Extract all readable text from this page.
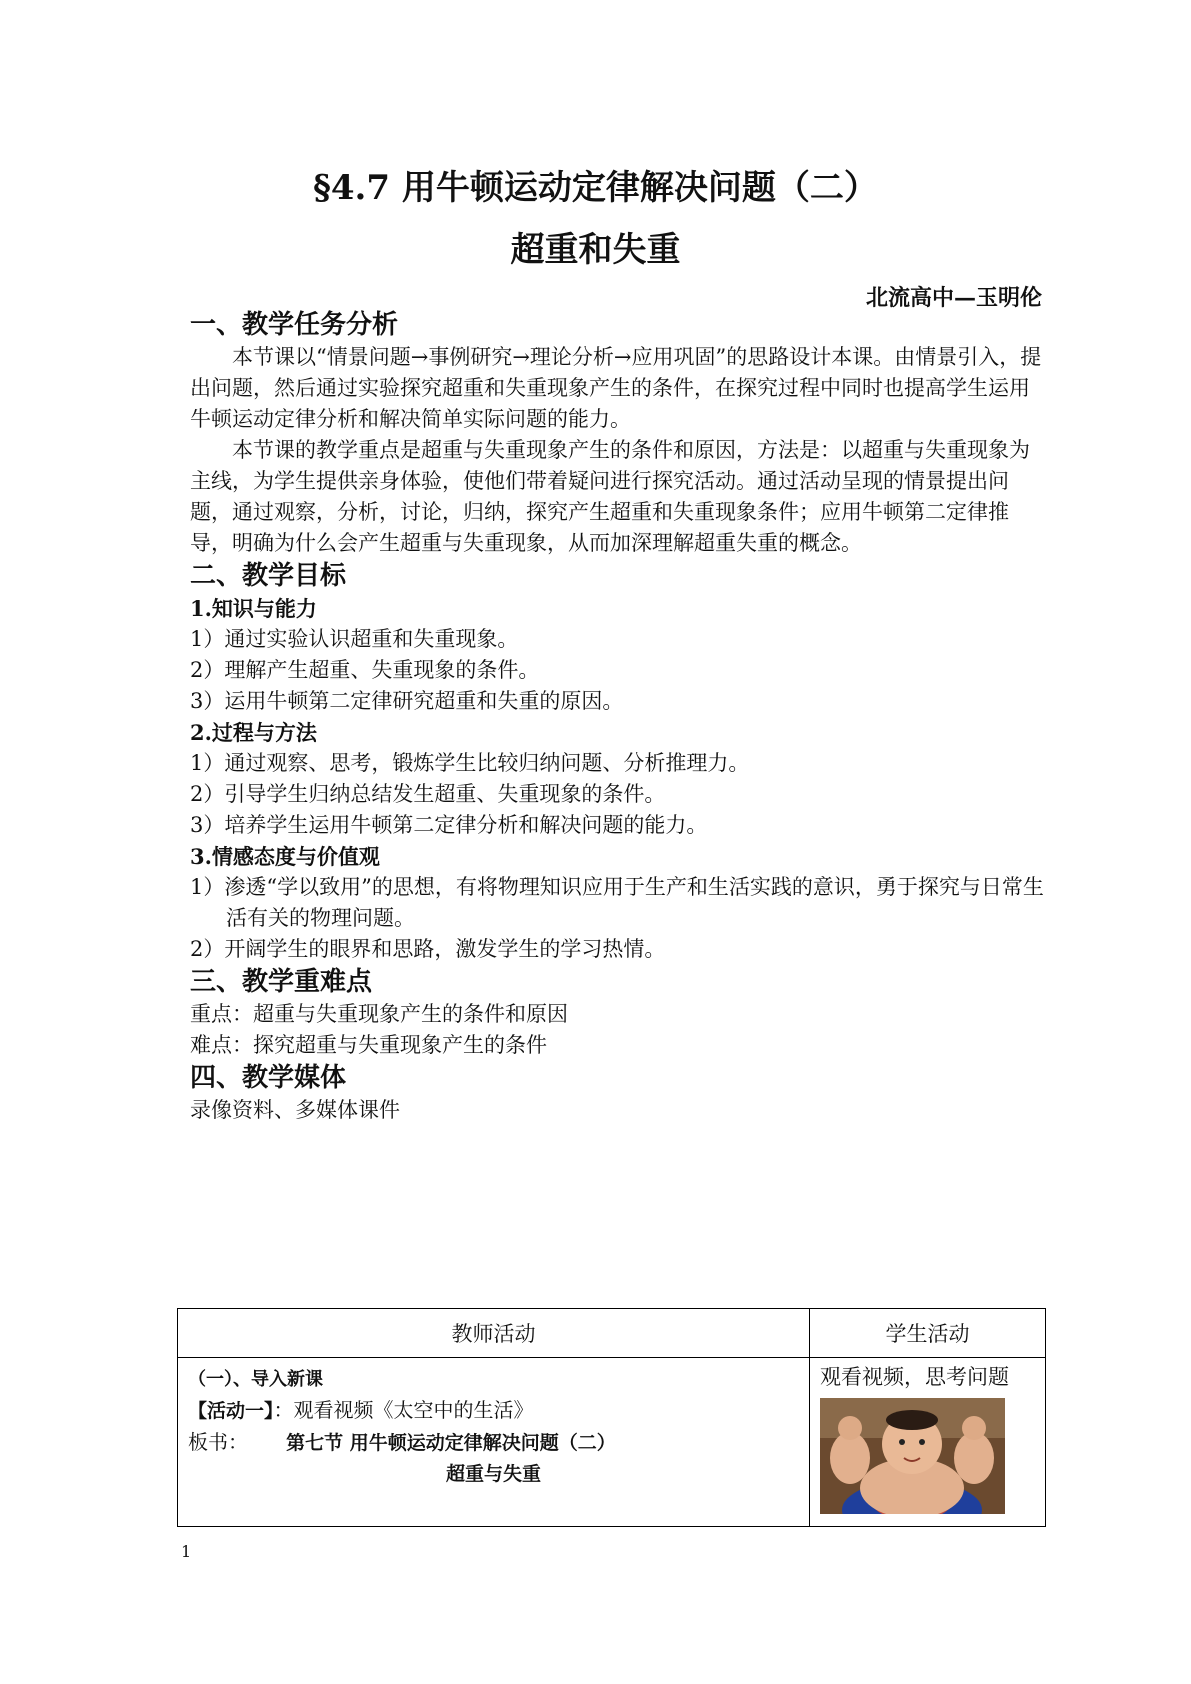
§4.7 用牛顿运动定律解决问题（二）
超重和失重
北流高中—玉明伦
一、教学任务分析

本节课以“情景问题→事例研究→理论分析→应用巩固”的思路设计本课。由情景引入，提出问题，然后通过实验探究超重和失重现象产生的条件，在探究过程中同时也提高学生运用牛顿运动定律分析和解决简单实际问题的能力。

本节课的教学重点是超重与失重现象产生的条件和原因，方法是：以超重与失重现象为主线，为学生提供亲身体验，使他们带着疑问进行探究活动。通过活动呈现的情景提出问题，通过观察，分析，讨论，归纳，探究产生超重和失重现象条件；应用牛顿第二定律推导，明确为什么会产生超重与失重现象，从而加深理解超重失重的概念。

二、教学目标
1.知识与能力

1）通过实验认识超重和失重现象。

2）理解产生超重、失重现象的条件。

3）运用牛顿第二定律研究超重和失重的原因。

2.过程与方法

1）通过观察、思考，锻炼学生比较归纳问题、分析推理力。

2）引导学生归纳总结发生超重、失重现象的条件。

3）培养学生运用牛顿第二定律分析和解决问题的能力。

3.情感态度与价值观

1）渗透“学以致用”的思想，有将物理知识应用于生产和生活实践的意识，勇于探究与日常生活有关的物理问题。

2）开阔学生的眼界和思路，激发学生的学习热情。

三、教学重难点

重点：超重与失重现象产生的条件和原因

难点：探究超重与失重现象产生的条件

四、教学媒体

录像资料、多媒体课件

教师活动	学生活动

（一）、导入新课
【活动一】：观看视频《太空中的生活》
板书： 第七节 用牛顿运动定律解决问题（二）
超重与失重	观看视频，思考问题
1
